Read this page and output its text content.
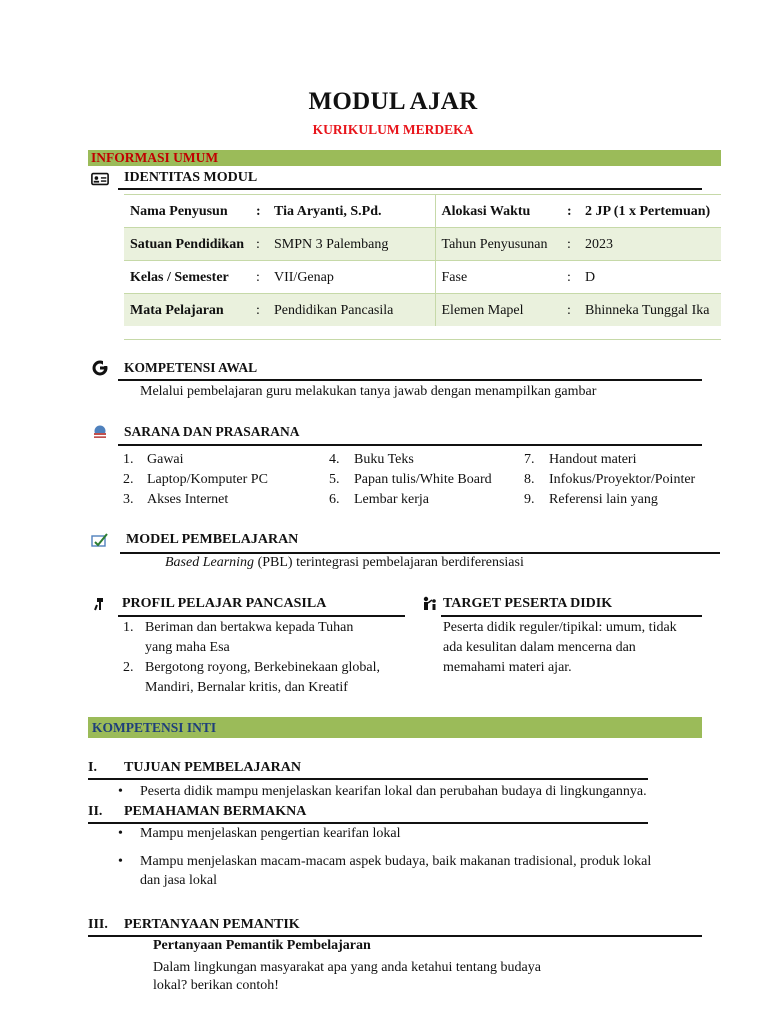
MODUL AJAR
KURIKULUM MERDEKA
INFORMASI UMUM
IDENTITAS MODUL
Nama Penyusun	:	Tia Aryanti, S.Pd.	Alokasi Waktu	:	2 JP (1 x Pertemuan)
Satuan Pendidikan	:	SMPN 3 Palembang	Tahun Penyusunan	:	2023
Kelas / Semester	:	VII/Genap	Fase	:	D
Mata Pelajaran	:	Pendidikan Pancasila	Elemen Mapel	:	Bhinneka Tunggal Ika
KOMPETENSI AWAL
Melalui pembelajaran guru melakukan tanya jawab dengan menampilkan gambar
SARANA DAN PRASARANA
1. Gawai
2. Laptop/Komputer PC
3. Akses Internet
4. Buku Teks
5. Papan tulis/White Board
6. Lembar kerja
7. Handout materi
8. Infokus/Proyektor/Pointer
9. Referensi lain yang
MODEL PEMBELAJARAN
Based Learning (PBL) terintegrasi pembelajaran berdiferensiasi
PROFIL PELAJAR PANCASILA
1. Beriman dan bertakwa kepada Tuhan
yang maha Esa
2. Bergotong royong, Berkebinekaan global,
Mandiri, Bernalar kritis, dan Kreatif
TARGET PESERTA DIDIK
Peserta didik reguler/tipikal: umum, tidak
ada kesulitan dalam mencerna dan
memahami materi ajar.
KOMPETENSI INTI
I. TUJUAN PEMBELAJARAN
• Peserta didik mampu menjelaskan kearifan lokal dan perubahan budaya di lingkungannya.
II. PEMAHAMAN BERMAKNA
• Mampu menjelaskan pengertian kearifan lokal
• Mampu menjelaskan macam-macam aspek budaya, baik makanan tradisional, produk lokal
dan jasa lokal
III. PERTANYAAN PEMANTIK
Pertanyaan Pemantik Pembelajaran
Dalam lingkungan masyarakat apa yang anda ketahui tentang budaya
lokal? berikan contoh!
